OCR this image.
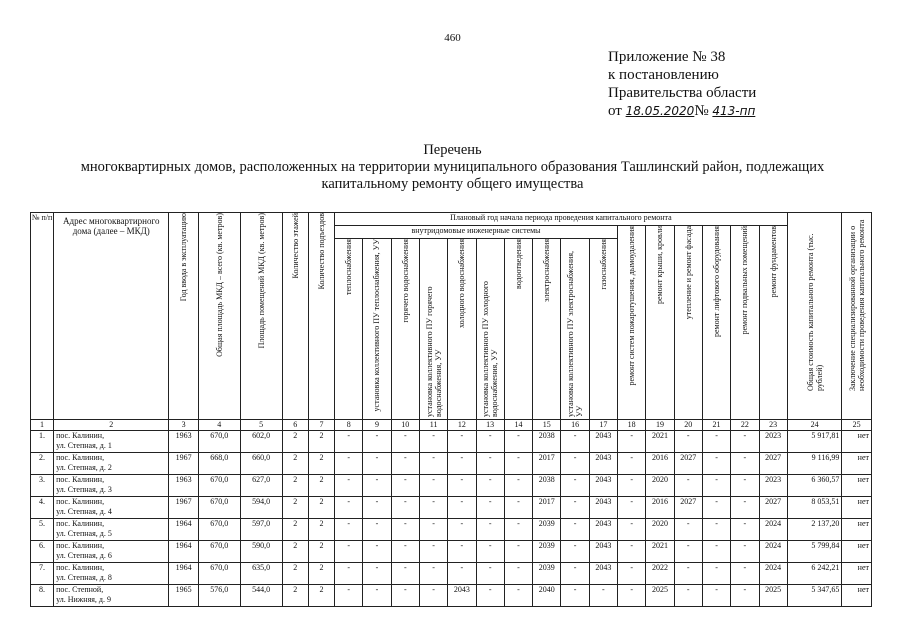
460
Приложение № 38
к постановлению
Правительства области
от 18.05.2020№ 413-пп
Перечень
многоквартирных домов, расположенных на территории муниципального образования Ташлинский район, подлежащих
капитальному ремонту общего имущества
№ п/п	Адрес многоквартирного дома (далее – МКД)	Год ввода в эксплуатацию	Общая площадь МКД – всего (кв. метров)	Площадь помещений МКД (кв. метров)	Количество этажей	Количество подъездов	Плановый год начала периода проведения капитального ремонта																Общая стоимость капитального ремонта (тыс. рублей)	Заключение специализированной организации о необходимости проведения капитального ремонта

							внутридомовые инженерные системы										ремонт систем пожаротушения, дымоудаления	ремонт крыши, кровли	утепление и ремонт фасада	ремонт лифтового оборудования	ремонт подвальных помещений	ремонт фундаментов		

							теплоснабжения	установка коллективного ПУ теплоснабжения, УУ	горячего водоснабжения	установка коллективного ПУ горячего водоснабжения, УУ	холодного водоснабжения	установка коллективного ПУ холодного водоснабжения, УУ	водоотведения	электроснабжения	установка коллективного ПУ электроснабжения, УУ	газоснабжения								

1	2	3	4	5	6	7	8	9	10	11	12	13	14	15	16	17	18	19	20	21	22	23	24	25
1.	пос. Калинин,
ул. Степная, д. 1	1963	670,0	602,0	2	2	-	-	-	-	-	-	-	2038	-	2043	-	2021	-	-	-	2023	5 917,81	нет
2.	пос. Калинин,
ул. Степная, д. 2	1967	668,0	660,0	2	2	-	-	-	-	-	-	-	2017	-	2043	-	2016	2027	-	-	2027	9 116,99	нет
3.	пос. Калинин,
ул. Степная, д. 3	1963	670,0	627,0	2	2	-	-	-	-	-	-	-	2038	-	2043	-	2020	-	-	-	2023	6 360,57	нет
4.	пос. Калинин,
ул. Степная, д. 4	1967	670,0	594,0	2	2	-	-	-	-	-	-	-	2017	-	2043	-	2016	2027	-	-	2027	8 053,51	нет
5.	пос. Калинин,
ул. Степная, д. 5	1964	670,0	597,0	2	2	-	-	-	-	-	-	-	2039	-	2043	-	2020	-	-	-	2024	2 137,20	нет
6.	пос. Калинин,
ул. Степная, д. 6	1964	670,0	590,0	2	2	-	-	-	-	-	-	-	2039	-	2043	-	2021	-	-	-	2024	5 799,84	нет
7.	пос. Калинин,
ул. Степная, д. 8	1964	670,0	635,0	2	2	-	-	-	-	-	-	-	2039	-	2043	-	2022	-	-	-	2024	6 242,21	нет
8.	пос. Степной,
ул. Нижняя, д. 9	1965	576,0	544,0	2	2	-	-	-	-	2043	-	-	2040	-	-	-	2025	-	-	-	2025	5 347,65	нет
